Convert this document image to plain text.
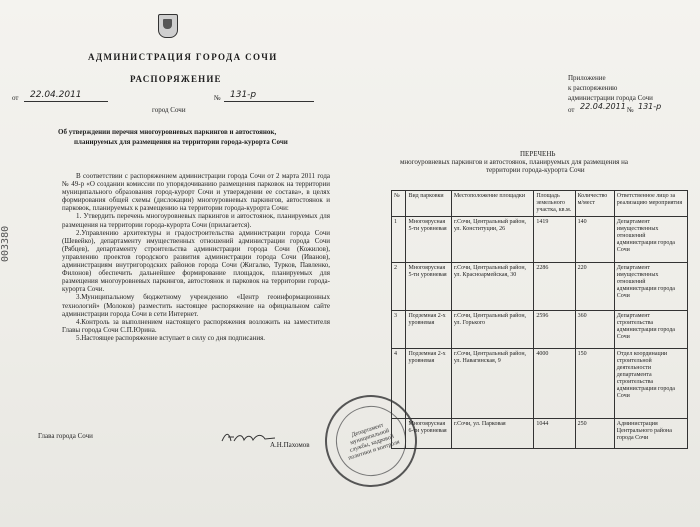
АДМИНИСТРАЦИЯ ГОРОДА СОЧИ
РАСПОРЯЖЕНИЕ
от 22.04.2011	№ 131-р
город Сочи
Приложение
к распоряжению
администрации города Сочи
от 22.04.2011 № 131-р
Об утверждении перечня многоуровневых паркингов и автостоянок,
планируемых для размещения на территории города-курорта Сочи

В соответствии с распоряжением администрации города Сочи от 2 марта 2011 года № 49-р «О создании комиссии по упорядочиванию размещения парковок на территории муниципального образования город-курорт Сочи и утверждении ее состава», в целях формирования общей схемы (дислокации) многоуровневых паркингов, автостоянок и парковок, планируемых к размещению на территории города-курорта Сочи:

1. Утвердить перечень многоуровневых паркингов и автостоянок, планируемых для размещения на территории города-курорта Сочи (прилагается).

2.Управлению архитектуры и градостроительства администрации города Сочи (Шевейко), департаменту имущественных отношений администрации города Сочи (Рябцев), департаменту строительства администрации города Сочи (Кожилов), управлению проектов городского развития администрации города Сочи (Иванов), администрациям внутригородских районов города Сочи (Жигалко, Турков, Павленко, Филонов) обеспечить дальнейшее формирование площадок, планируемых для размещения многоуровневых паркингов, автостоянок и парковок на территории города-курорта Сочи.

3.Муниципальному бюджетному учреждению «Центр геоинформационных технологий» (Молоков) разместить настоящее распоряжение на официальном сайте администрации города Сочи в сети Интернет.

4.Контроль за выполнением настоящего распоряжения возложить на заместителя Главы города Сочи С.П.Юрина.

5.Настоящее распоряжение вступает в силу со дня подписания.

Глава города Сочи
А.Н.Пахомов
Департамент муниципальной службы, кадровой политики и контроля
003380
ПЕРЕЧЕНЬ
многоуровневых паркингов и автостоянок, планируемых для размещения на
территории города-курорта Сочи
№	Вид парковки	Местоположение площадки	Площадь земельного участка, кв.м.	Количество м/мест	Ответственное лицо за реализацию мероприятия
1	Многоярусная 5-ти уровневая	г.Сочи, Центральный район, ул. Конституции, 26	1419	140	Департамент имущественных отношений администрации города Сочи
2	Многоярусная 5-ти уровневая	г.Сочи, Центральный район, ул. Красноармейская, 30	2286	220	Департамент имущественных отношений администрации города Сочи
3	Подземная 2-х уровневая	г.Сочи, Центральный район, ул. Горького	2596	360	Департамент строительства администрации города Сочи
4	Подземная 2-х уровневая	г.Сочи, Центральный район, ул. Навагинская, 9	4000	150	Отдел координации строительной деятельности департамента строительства администрации города Сочи
	Многоярусная 6-ти уровневая	г.Сочи, ул. Парковая	1044	250	Администрация Центрального района города Сочи
